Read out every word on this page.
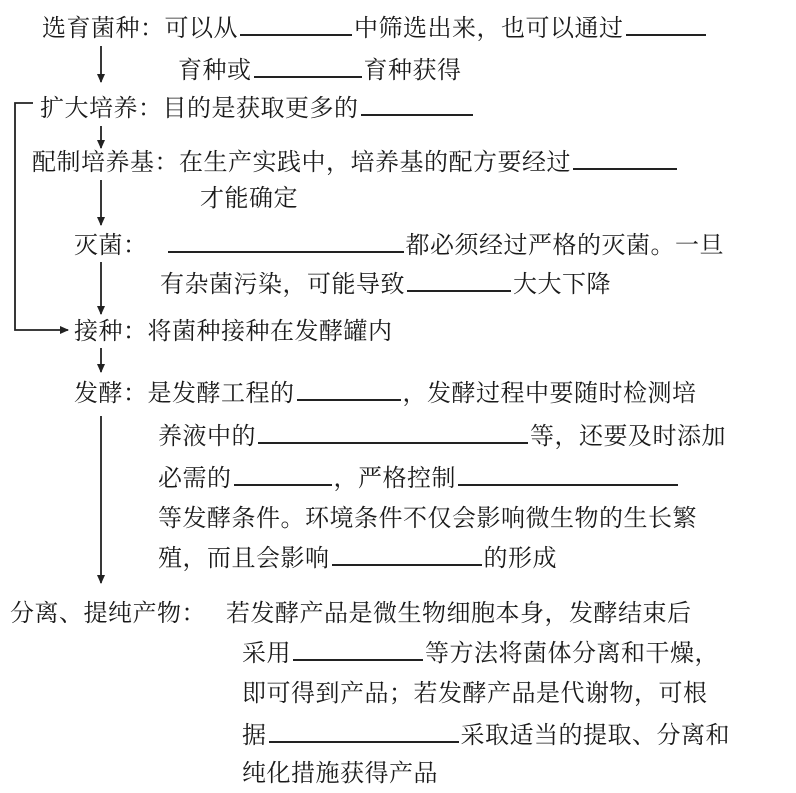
选育菌种：可以从	中筛选出来，也可以通过
育种或	育种获得
扩大培养：目的是获取更多的
配制培养基：在生产实践中，培养基的配方要经过
才能确定
灭菌：	都必须经过严格的灭菌。一旦
有杂菌污染，可能导致	大大下降
接种：将菌种接种在发酵罐内
发酵：是发酵工程的	，发酵过程中要随时检测培
养液中的	等，还要及时添加
必需的	，严格控制
等发酵条件。环境条件不仅会影响微生物的生长繁
殖，而且会影响	的形成
分离、提纯产物： 若发酵产品是微生物细胞本身，发酵结束后
采用	等方法将菌体分离和干燥，
即可得到产品；若发酵产品是代谢物，可根
据	采取适当的提取、分离和
纯化措施获得产品
